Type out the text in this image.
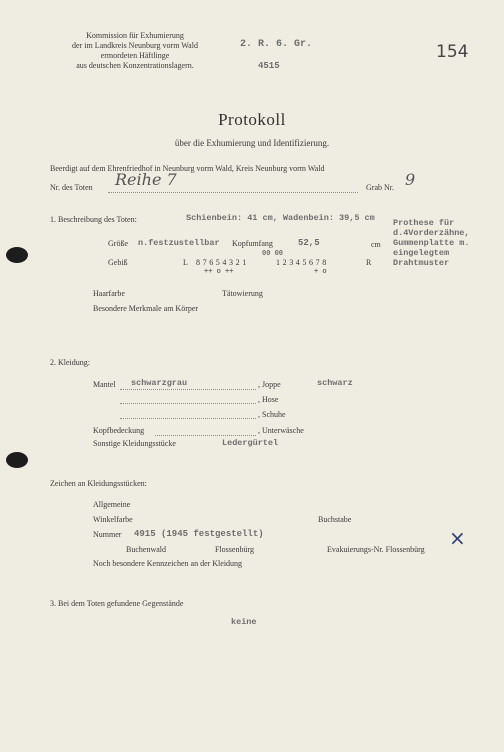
Kommission für Exhumierung
der im Landkreis Neunburg vorm Wald
ermordeten Häftlinge
aus deutschen Konzentrationslagern.
2. R. 6. Gr.
4515
154
Protokoll
über die Exhumierung und Identifizierung.
Beerdigt auf dem Ehrenfriedhof in Neunburg vorm Wald, Kreis Neunburg vorm Wald
Nr. des Toten Reihe 7	Grab Nr. 9
1. Beschreibung des Toten:	Schienbein: 41 cm, Wadenbein: 39,5 cm
Größe n.festzustellbar Kopfumfang	52,5	cm
Prothese für
d.4Vorderzähne,
Gummenplatte m.
eingelegtem
Drahtmuster
Gebiß	L 8 7 6 5 4 3 2 1	1 2 3 4 5 6 7 8	R
00 00
++ o ++	+ o
Haarfarbe	Tätowierung
Besondere Merkmale am Körper
2. Kleidung:
Mantel schwarzgrau	, Joppe	schwarz
, Hose
, Schuhe
Kopfbedeckung	, Unterwäsche
Sonstige Kleidungsstücke	Ledergürtel
Zeichen an Kleidungsstücken:
Allgemeine
Winkelfarbe	Buchstabe
Nummer 4915 (1945 festgestellt)
Buchenwald	Flossenbürg	Evakuierungs-Nr. Flossenbürg ×
Noch besondere Kennzeichen an der Kleidung
3. Bei dem Toten gefundene Gegenstände
keine
